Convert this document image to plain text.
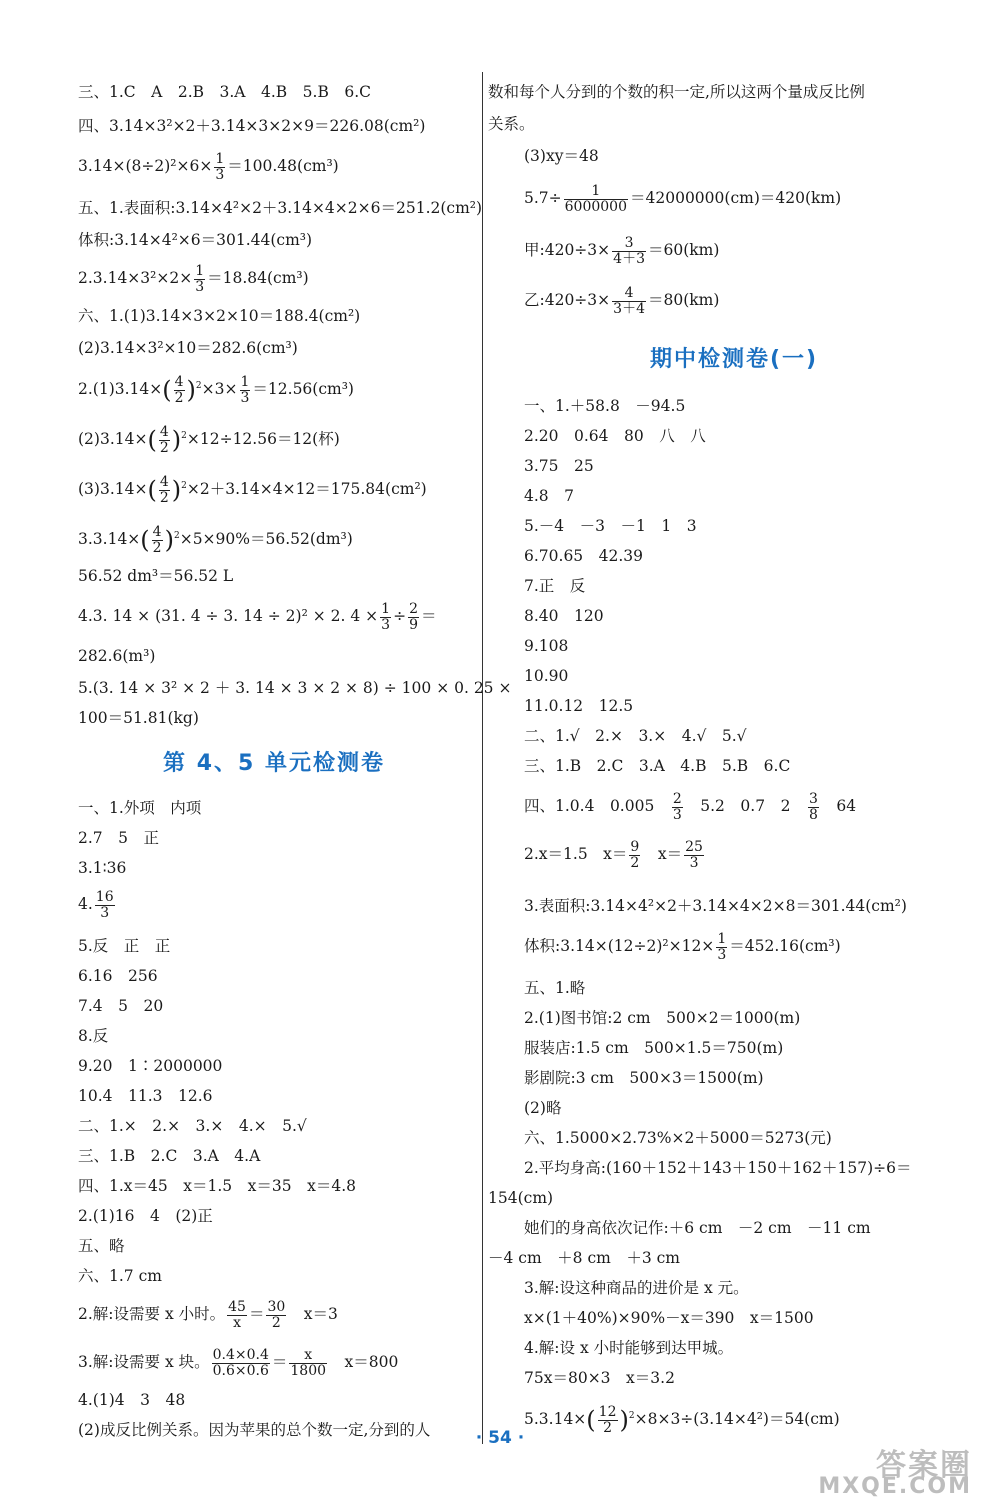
三、1.C　A　2.B　3.A　4.B　5.B　6.C
四、3.14×3²×2＋3.14×3×2×9＝226.08(cm²)
$3.14\times(8\div 2)^2\times 6\times \frac{1}{3} =100.48(cm^3)$
五、1.表面积:3.14×4²×2＋3.14×4×2×6＝251.2(cm²)
体积:3.14×4²×6＝301.44(cm³)
$2.3.14\times 3^2\times 2\times \frac{1}{3} =18.84(cm^3)$
六、1.(1)3.14×3×2×10＝188.4(cm²)
(2)3.14×3²×10＝282.6(cm³)
$2.(1)3.14\times( \frac{4}{2} )^2\times 3\times \frac{1}{3} =12.56(cm^3)$
$(2)3.14\times( \frac{4}{2} )^2\times 12\div 12.56=12$(杯)
$(3)3.14\times( \frac{4}{2} )^2\times 2+3.14\times 4\times 12=175.84(cm^2)$
$3.3.14\times( \frac{4}{2} )^2\times 5\times 90\%=56.52(dm^3)$
56.52 dm³＝56.52 L
4.3. 14 × (31. 4 ÷ 3. 14 ÷ 2)² × 2. $4 \times \frac{1}{3} \div \frac{2}{9}$ ＝
282.6(m³)
5.(3. 14 × 3² × 2 ＋ 3. 14 × 3 × 2 × 8) ÷ 100 × 0. 25 ×
100＝51.81(kg)
第 4、5 单元检测卷
一、1.外项　内项
2.7　5　正
3.1∶36
4. $\frac{16}{3}$
5.反　正　正
6.16　256
7.4　5　20
8.反
9.20　1∶2000000
10.4　11.3　12.6
二、1.×　2.×　3.×　4.×　5.√
三、1.B　2.C　3.A　4.A
四、1.x＝45　x＝1.5　x＝35　x＝4.8
2.(1)16　4　(2)正
五、略
六、1.7 cm
2.解:设需要 x 小时。 $\frac{45}{x} = \frac{30}{2}$
　 x＝3
3.解:设需要 x 块。 $\frac{0.4\times 0.4}{0.6\times 0.6} = \frac{x}{1800}$
　 x＝800
4.(1)4　3　48
(2)成反比例关系。因为苹果的总个数一定,分到的人
数和每个人分到的个数的积一定,所以这两个量成反比例
关系。
(3)xy＝48
$5.7\div \frac{1}{6000000} =42000000(cm)=420(km)$
甲:420÷3× $\frac{3}{4+3} =60(km)$
乙:420÷3× $\frac{4}{3+4} =80(km)$
期中检测卷(一)
一、1.＋58.8　－94.5
2.20　0.64　80　八　八
3.75　25
4.8　7
5.－4　－3　－1　1　3
6.70.65　42.39
7.正　反
8.40　120
9.108
10.90
11.0.12　12.5
二、1.√　2.×　3.×　4.√　5.√
三、1.B　2.C　3.A　4.B　5.B　6.C
四、1.0.4　0.005　 $\frac{2}{3}$
　 5.2　0.7　2　 $\frac{3}{8}$
　 64
2.x＝1.5　$x= \frac{9}{2}$
　 $x= \frac{25}{3}$
3.表面积:3.14×4²×2＋3.14×4×2×8＝301.44(cm²)
体积:3.14×(12÷2)²×12× $\frac{1}{3} =452.16(cm^3)$
五、1.略
2.(1)图书馆:2 cm　500×2＝1000(m)
服装店:1.5 cm　500×1.5＝750(m)
影剧院:3 cm　500×3＝1500(m)
(2)略
六、1.5000×2.73%×2＋5000＝5273(元)
2.平均身高:(160＋152＋143＋150＋162＋157)÷6＝
154(cm)
她们的身高依次记作:＋6 cm　－2 cm　－11 cm
－4 cm　＋8 cm　＋3 cm
3.解:设这种商品的进价是 x 元。
x×(1＋40%)×90%－x＝390　x＝1500
4.解:设 x 小时能够到达甲城。
75x＝80×3　x＝3.2
$5.3.14\times( \frac{12}{2} )^2\times 8\times 3\div(3.14\times 4^2)=54(cm)$
· 54 ·
答案圈
MXQE.COM
